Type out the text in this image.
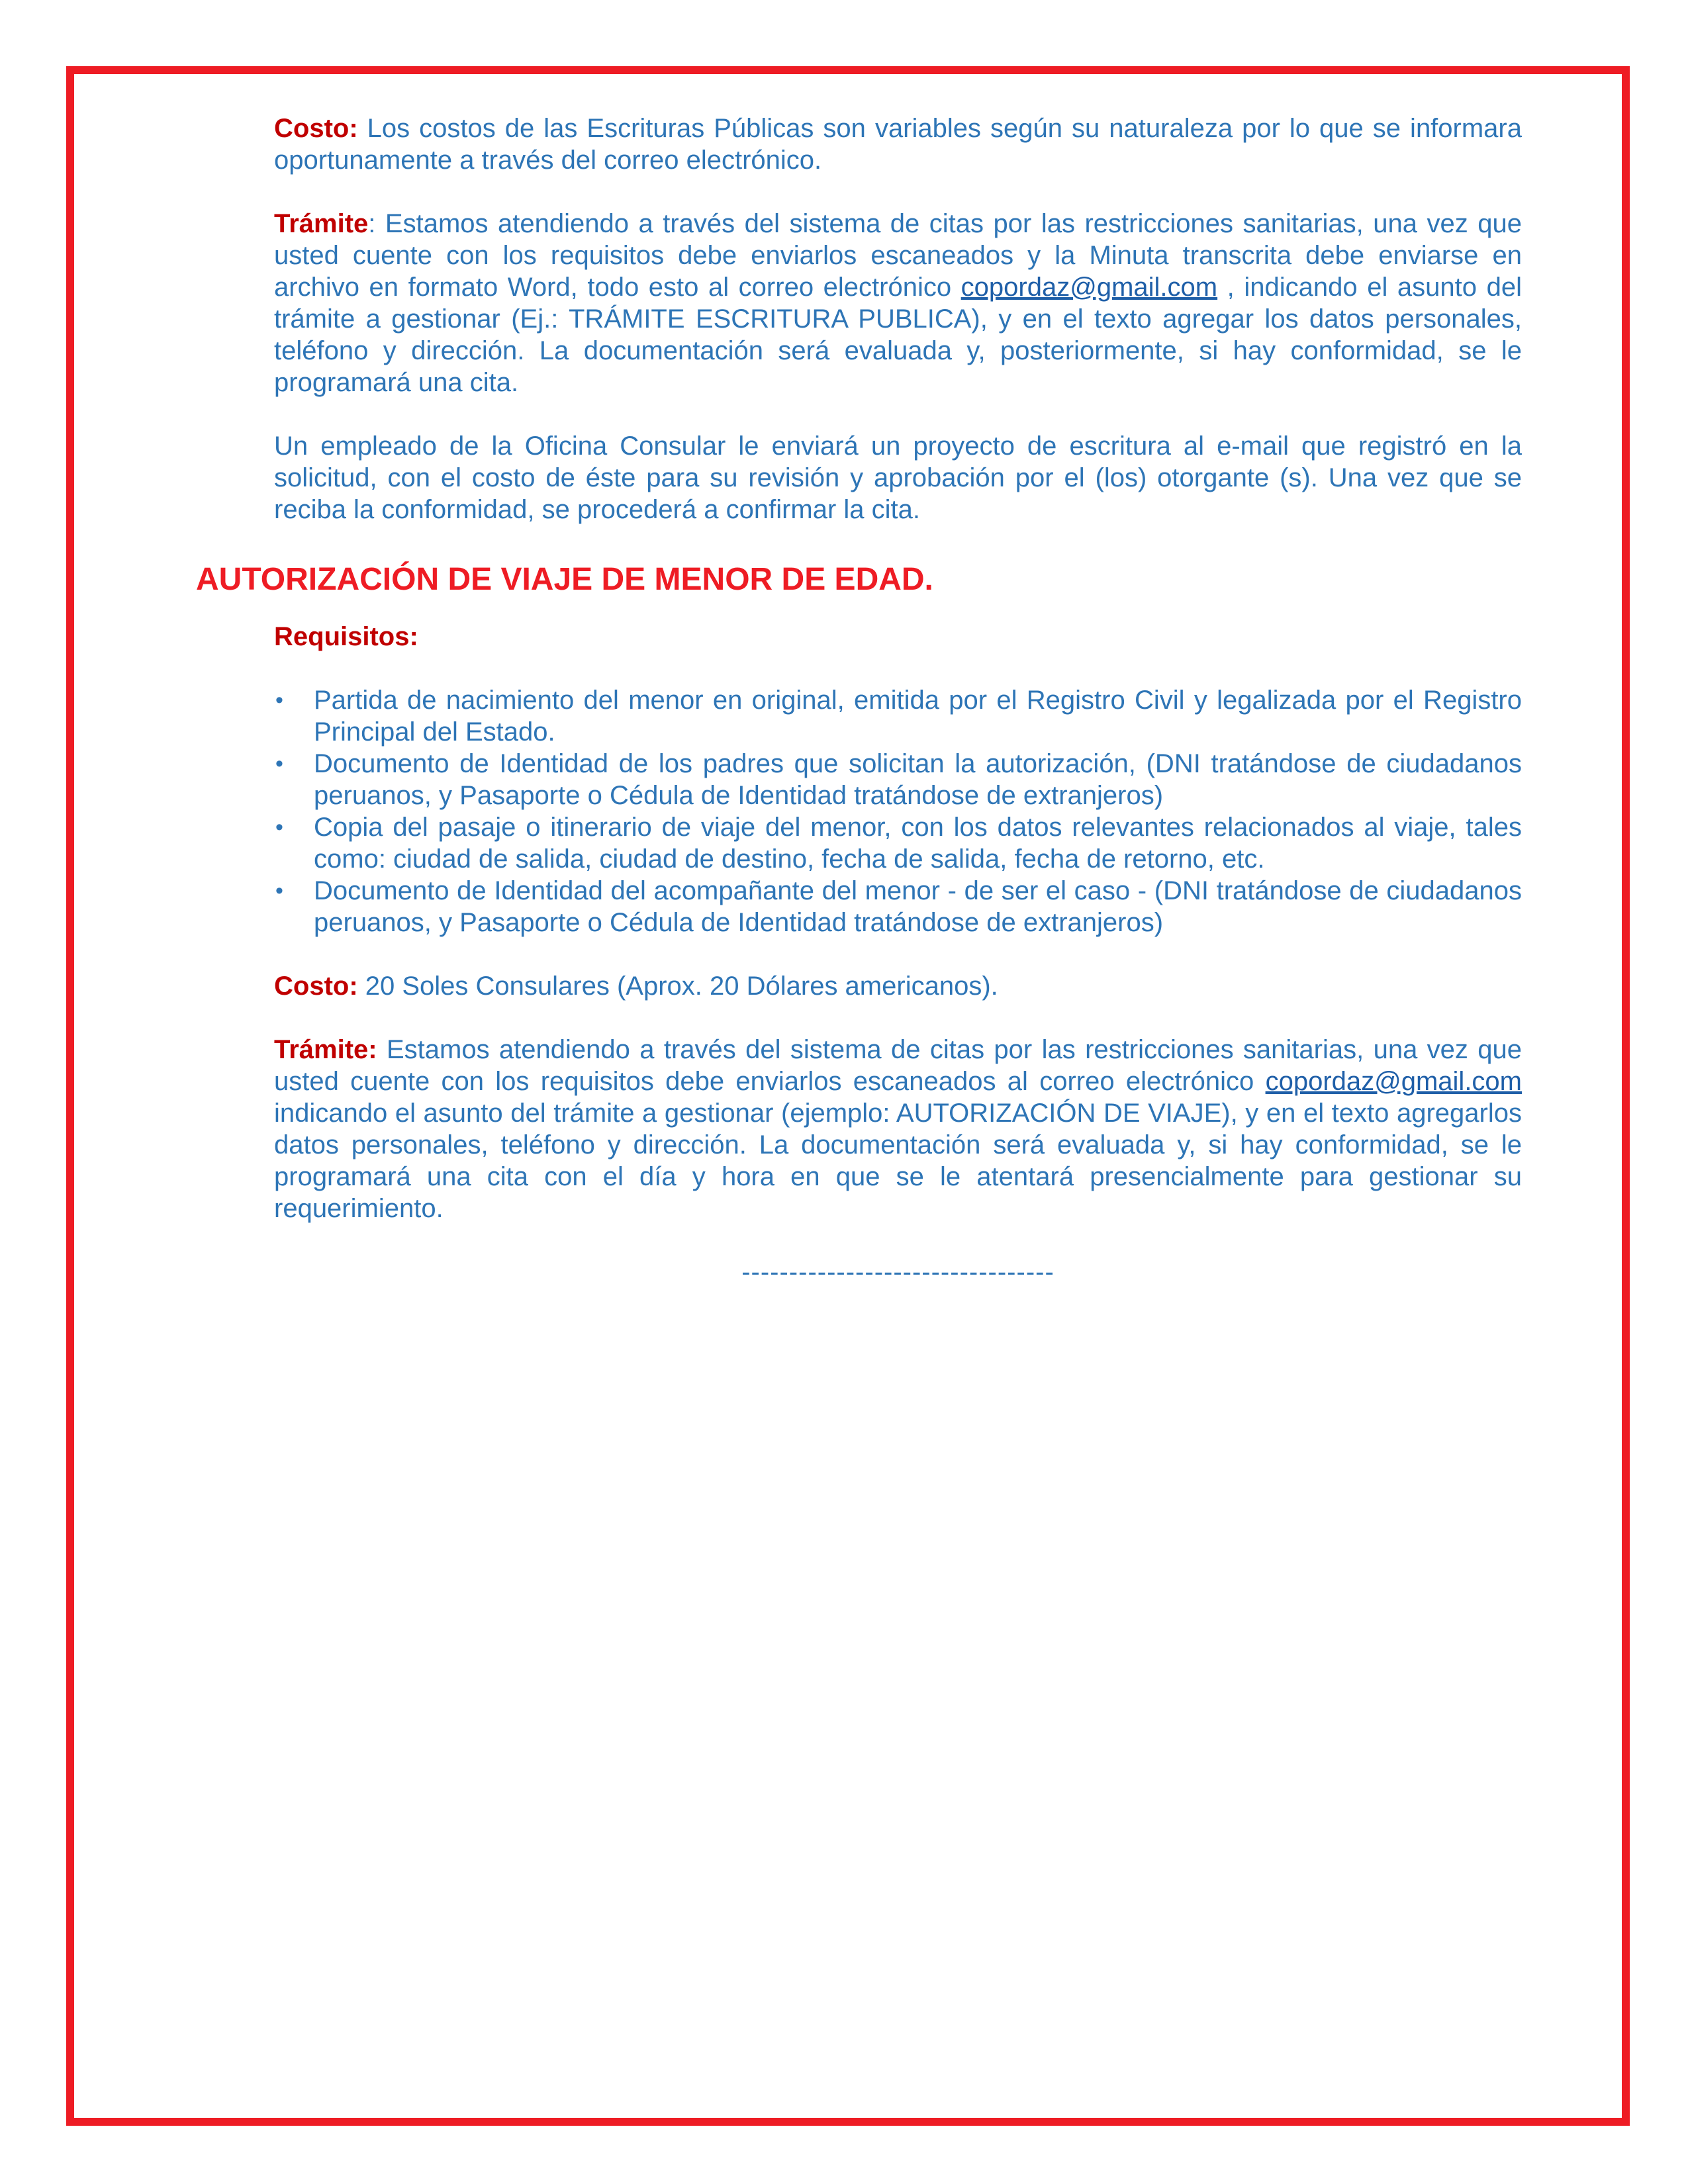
Costo: Los costos de las Escrituras Públicas son variables según su naturaleza por lo que se informara oportunamente a través del correo electrónico.

Trámite: Estamos atendiendo a través del sistema de citas por las restricciones sanitarias, una vez que usted cuente con los requisitos debe enviarlos escaneados y la Minuta transcrita debe enviarse en archivo en formato Word, todo esto al correo electrónico copordaz@gmail.com , indicando el asunto del trámite a gestionar (Ej.: TRÁMITE ESCRITURA PUBLICA), y en el texto agregar los datos personales, teléfono y dirección. La documentación será evaluada y, posteriormente, si hay conformidad, se le programará una cita.

Un empleado de la Oficina Consular le enviará un proyecto de escritura al e-mail que registró en la solicitud, con el costo de éste para su revisión y aprobación por el (los) otorgante (s). Una vez que se reciba la conformidad, se procederá a confirmar la cita.

AUTORIZACIÓN DE VIAJE DE MENOR DE EDAD.

Requisitos:

• Partida de nacimiento del menor en original, emitida por el Registro Civil y legalizada por el Registro Principal del Estado.
• Documento de Identidad de los padres que solicitan la autorización, (DNI tratándose de ciudadanos peruanos, y Pasaporte o Cédula de Identidad tratándose de extranjeros)
• Copia del pasaje o itinerario de viaje del menor, con los datos relevantes relacionados al viaje, tales como: ciudad de salida, ciudad de destino, fecha de salida, fecha de retorno, etc.
• Documento de Identidad del acompañante del menor - de ser el caso - (DNI tratándose de ciudadanos peruanos, y Pasaporte o Cédula de Identidad tratándose de extranjeros)

Costo: 20 Soles Consulares (Aprox. 20 Dólares americanos).

Trámite: Estamos atendiendo a través del sistema de citas por las restricciones sanitarias, una vez que usted cuente con los requisitos debe enviarlos escaneados al correo electrónico copordaz@gmail.com indicando el asunto del trámite a gestionar (ejemplo: AUTORIZACIÓN DE VIAJE), y en el texto agregarlos datos personales, teléfono y dirección. La documentación será evaluada y, si hay conformidad, se le programará una cita con el día y hora en que se le atentará presencialmente para gestionar su requerimiento.

---------------------------------
